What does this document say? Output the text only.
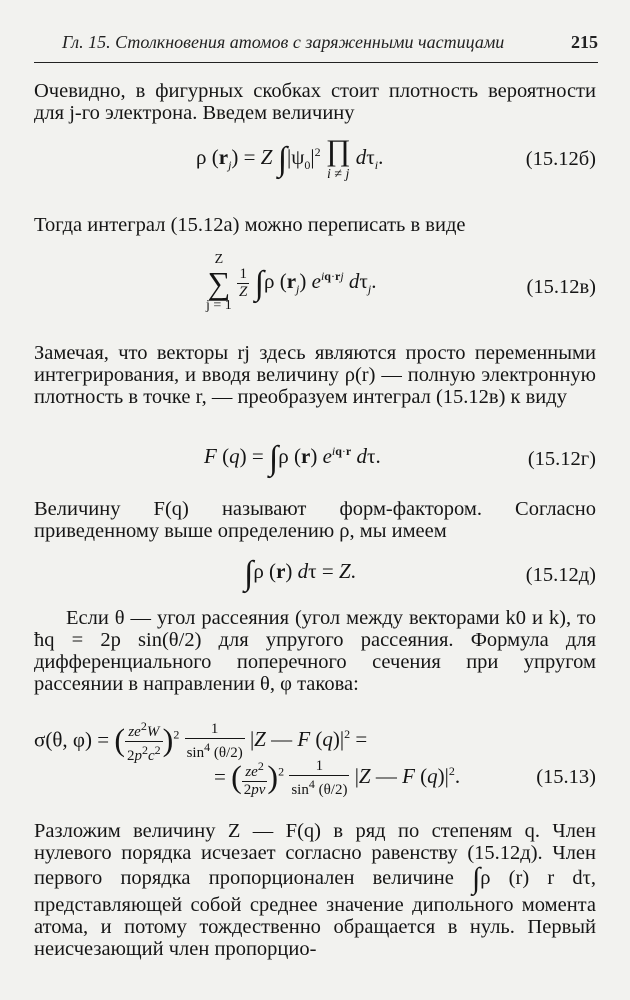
Гл. 15. Столкновения атомов с заряженными частицами	215
Очевидно, в фигурных скобках стоит плотность вероятности для j-го электрона. Введем величину
ρ $(r_j) = Z$ $\int|\psi_0|^2$ ∏
i ≠ j
$d\tau_i$.	(15.12б)
Тогда интеграл (15.12а) можно переписать в виде
Z
∑
j = 1

$\frac{1}{Z} \int\rho$ $(r_j)$ $e^{iq\cdot rj}$ $d\tau_j$.	(15.12в)
Замечая, что векторы rj здесь являются просто переменными интегрирования, и вводя величину ρ(r) — полную электронную плотность в точке r, — преобразуем интеграл (15.12в) к виду
F (q) = ∫ρ (r) $e^{iq\cdot r}$ dτ.	(15.12г)
Величину F(q) называют форм-фактором. Согласно приведенному выше определению ρ, мы имеем
∫ρ (r) dτ = Z.	(15.12д)
Если θ — угол рассеяния (угол между векторами k0 и k), то ћq = 2p sin(θ/2) для упругого рассеяния. Формула для дифференциального поперечного сечения при упругом рассеянии в направлении θ, φ такова:
σ(θ, φ) = ( $\frac{ze^2W}{2p^2c^2} )^2 \frac{1}{\sin^4 (\theta/2)} |Z$ — F $(q)|^2$ =
= ( $\frac{ze^2}{2pv} )^2 \frac{1}{\sin^4 (\theta/2)} |Z$ — F $(q)|^2$.	(15.13)
Разложим величину Z — F(q) в ряд по степеням q. Член нулевого порядка исчезает согласно равенству (15.12д). Член первого порядка пропорционален величине ∫ρ (r) r dτ, представляющей собой среднее значение дипольного момента атома, и потому тождественно обращается в нуль. Первый неисчезающий член пропорцио-
